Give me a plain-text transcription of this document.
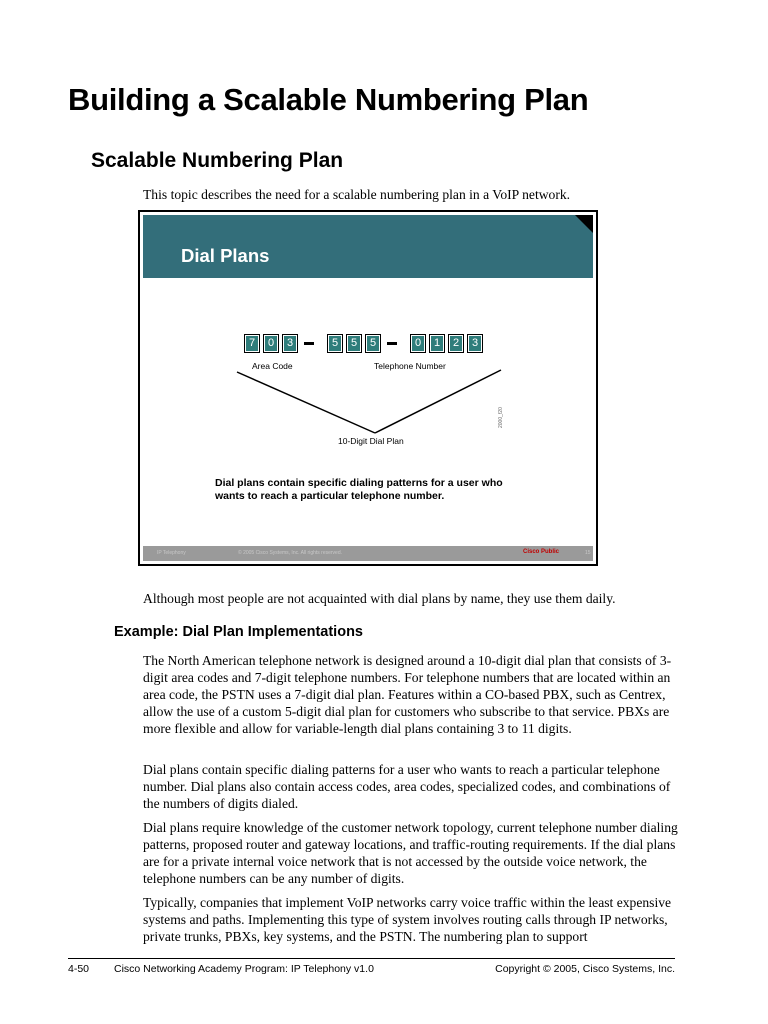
Building a Scalable Numbering Plan
Scalable Numbering Plan

This topic describes the need for a scalable numbering plan in a VoIP network.

Dial Plans
7	0	3	5	5	5	0	1	2	3
Area Code	Telephone Number
10-Digit Dial Plan
2000_f20
Dial plans contain specific dialing patterns for a user who
wants to reach a particular telephone number.
IP Telephony	© 2005 Cisco Systems, Inc. All rights reserved.	Cisco Public	15

Although most people are not acquainted with dial plans by name, they use them daily.

Example: Dial Plan Implementations

The North American telephone network is designed around a 10-digit dial plan that consists of 3-digit area codes and 7-digit telephone numbers. For telephone numbers that are located within an area code, the PSTN uses a 7-digit dial plan. Features within a CO-based PBX, such as Centrex, allow the use of a custom 5-digit dial plan for customers who subscribe to that service. PBXs are more flexible and allow for variable-length dial plans containing 3 to 11 digits.

Dial plans contain specific dialing patterns for a user who wants to reach a particular telephone number. Dial plans also contain access codes, area codes, specialized codes, and combinations of the numbers of digits dialed.

Dial plans require knowledge of the customer network topology, current telephone number dialing patterns, proposed router and gateway locations, and traffic-routing requirements. If the dial plans are for a private internal voice network that is not accessed by the outside voice network, the telephone numbers can be any number of digits.

Typically, companies that implement VoIP networks carry voice traffic within the least expensive systems and paths. Implementing this type of system involves routing calls through IP networks, private trunks, PBXs, key systems, and the PSTN. The numbering plan to support

4-50 Cisco Networking Academy Program: IP Telephony v1.0	Copyright © 2005, Cisco Systems, Inc.
